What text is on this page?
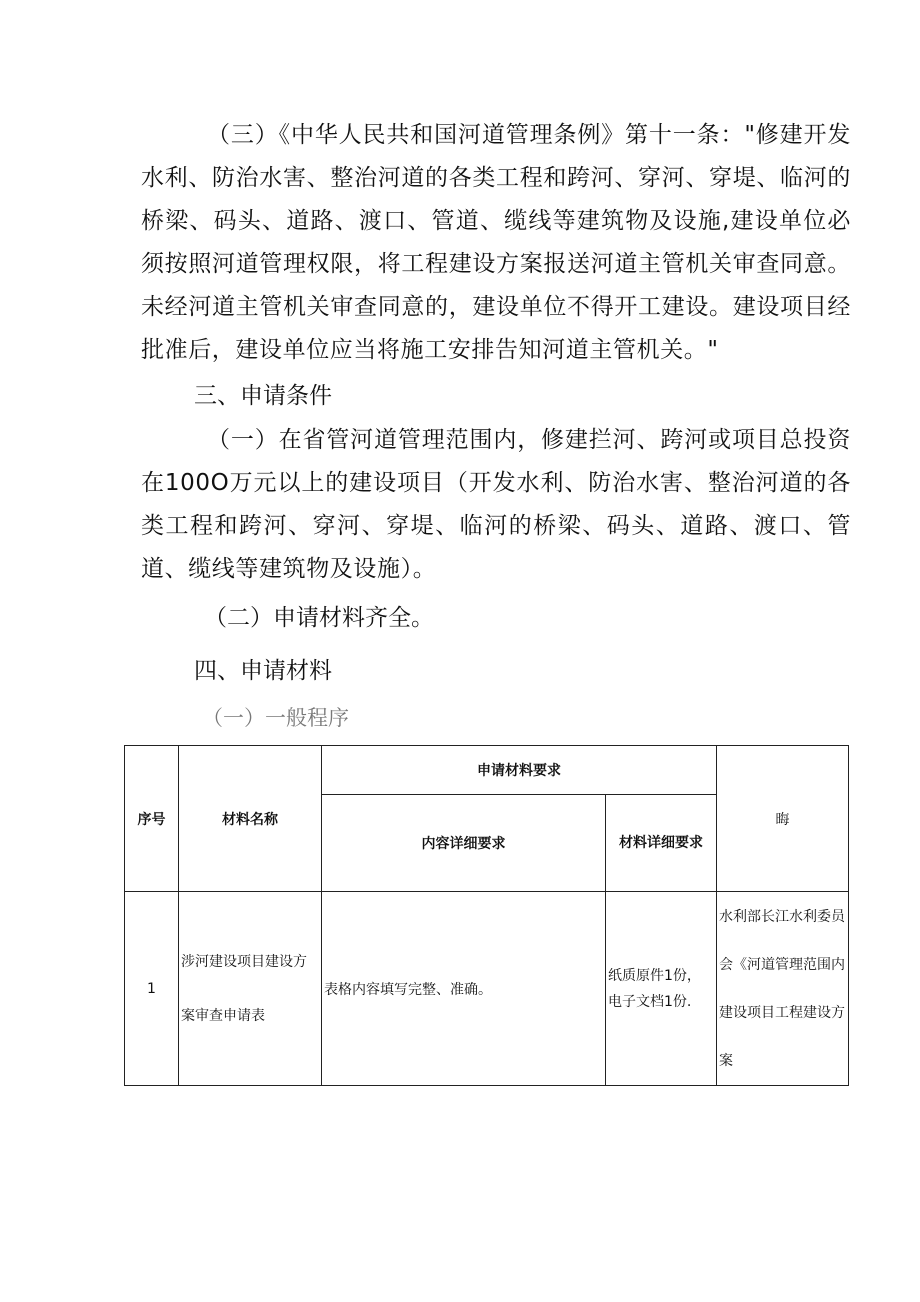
（三）《中华人民共和国河道管理条例》第十一条："修建开发水利、防治水害、整治河道的各类工程和跨河、穿河、穿堤、临河的桥梁、码头、道路、渡口、管道、缆线等建筑物及设施,建设单位必须按照河道管理权限，将工程建设方案报送河道主管机关审查同意。未经河道主管机关审查同意的，建设单位不得开工建设。建设项目经批准后，建设单位应当将施工安排告知河道主管机关。"

三、申请条件

（一）在省管河道管理范围内，修建拦河、跨河或项目总投资在100O万元以上的建设项目（开发水利、防治水害、整治河道的各类工程和跨河、穿河、穿堤、临河的桥梁、码头、道路、渡口、管道、缆线等建筑物及设施）。

（二）申请材料齐全。
四、申请材料
（一）一般程序
序号	材料名称	申请材料要求		晦
		内容详细要求	材料详细要求	
1	涉河建设项目建设方案审查申请表	表格内容填写完整、准确。	纸质原件1份，电子文档1份.	水利部长江水利委员会《河道管理范围内建设项目工程建设方案
